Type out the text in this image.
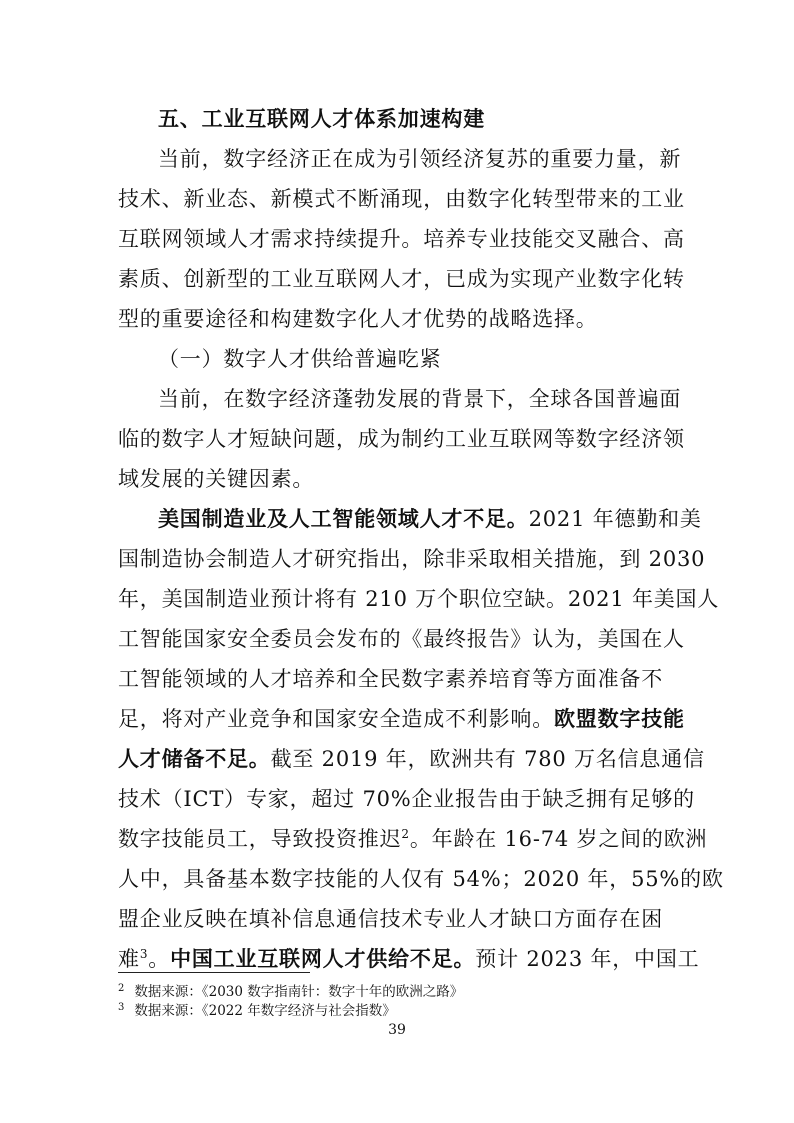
五、工业互联网人才体系加速构建
当前，数字经济正在成为引领经济复苏的重要力量，新
技术、新业态、新模式不断涌现，由数字化转型带来的工业
互联网领域人才需求持续提升。培养专业技能交叉融合、高
素质、创新型的工业互联网人才，已成为实现产业数字化转
型的重要途径和构建数字化人才优势的战略选择。
（一）数字人才供给普遍吃紧
当前，在数字经济蓬勃发展的背景下，全球各国普遍面
临的数字人才短缺问题，成为制约工业互联网等数字经济领
域发展的关键因素。
美国制造业及人工智能领域人才不足。2021 年德勤和美
国制造协会制造人才研究指出，除非采取相关措施，到 2030
年，美国制造业预计将有 210 万个职位空缺。2021 年美国人
工智能国家安全委员会发布的《最终报告》认为，美国在人
工智能领域的人才培养和全民数字素养培育等方面准备不
足，将对产业竞争和国家安全造成不利影响。欧盟数字技能
人才储备不足。截至 2019 年，欧洲共有 780 万名信息通信
技术（ICT）专家，超过 70%企业报告由于缺乏拥有足够的
数字技能员工，导致投资推迟$^2$。年龄在 16-74 岁之间的欧洲
人中，具备基本数字技能的人仅有 54%；2020 年，55%的欧
盟企业反映在填补信息通信技术专业人才缺口方面存在困
难$^3$。中国工业互联网人才供给不足。预计 2023 年，中国工
$^2$ 数据来源：《2030 数字指南针：数字十年的欧洲之路》
$^3$ 数据来源：《2022 年数字经济与社会指数》
39
